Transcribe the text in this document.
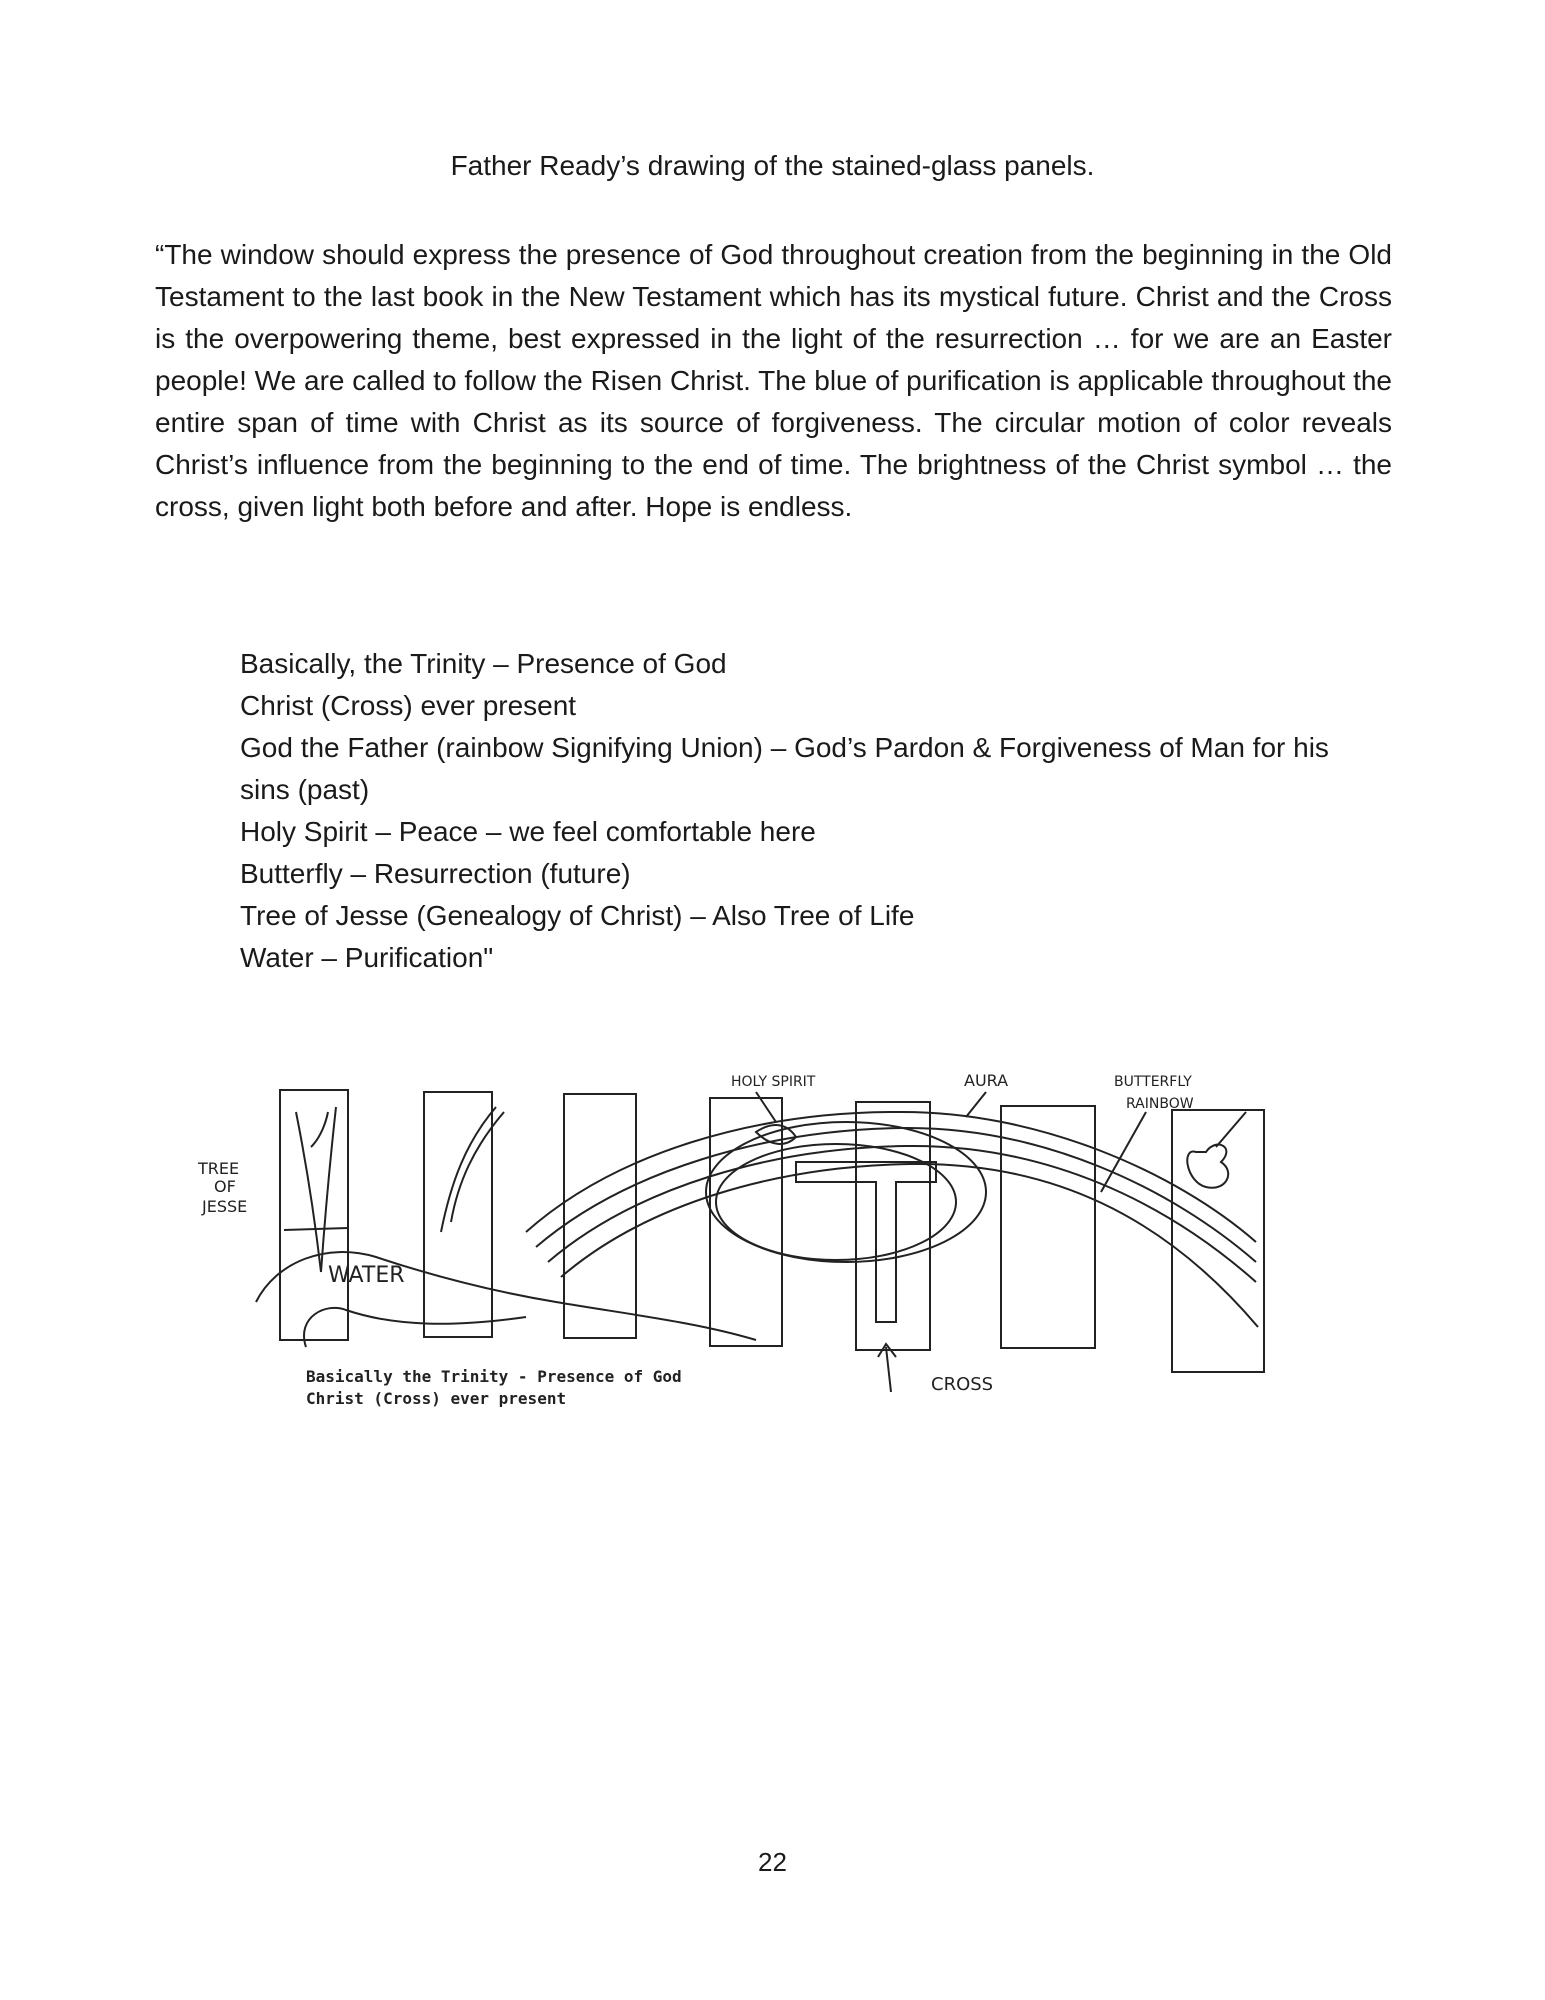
Father Ready’s drawing of the stained-glass panels.

“The window should express the presence of God throughout creation from the beginning in the Old Testament to the last book in the New Testament which has its mystical future. Christ and the Cross is the overpowering theme, best expressed in the light of the resurrection … for we are an Easter people! We are called to follow the Risen Christ. The blue of purification is applicable throughout the entire span of time with Christ as its source of forgiveness. The circular motion of color reveals Christ’s influence from the beginning to the end of time. The brightness of the Christ symbol … the cross, given light both before and after. Hope is endless.

Basically, the Trinity – Presence of God
Christ (Cross) ever present
God the Father (rainbow Signifying Union) – God’s Pardon & Forgiveness of Man for his sins (past)
Holy Spirit – Peace – we feel comfortable here
Butterfly – Resurrection (future)
Tree of Jesse (Genealogy of Christ) – Also Tree of Life
Water – Purification"
TREE
OF
JESSE
WATER
HOLY SPIRIT	AURA	BUTTERFLY
RAINBOW
CROSS
Basically the Trinity - Presence of God
Christ (Cross) ever present
22
